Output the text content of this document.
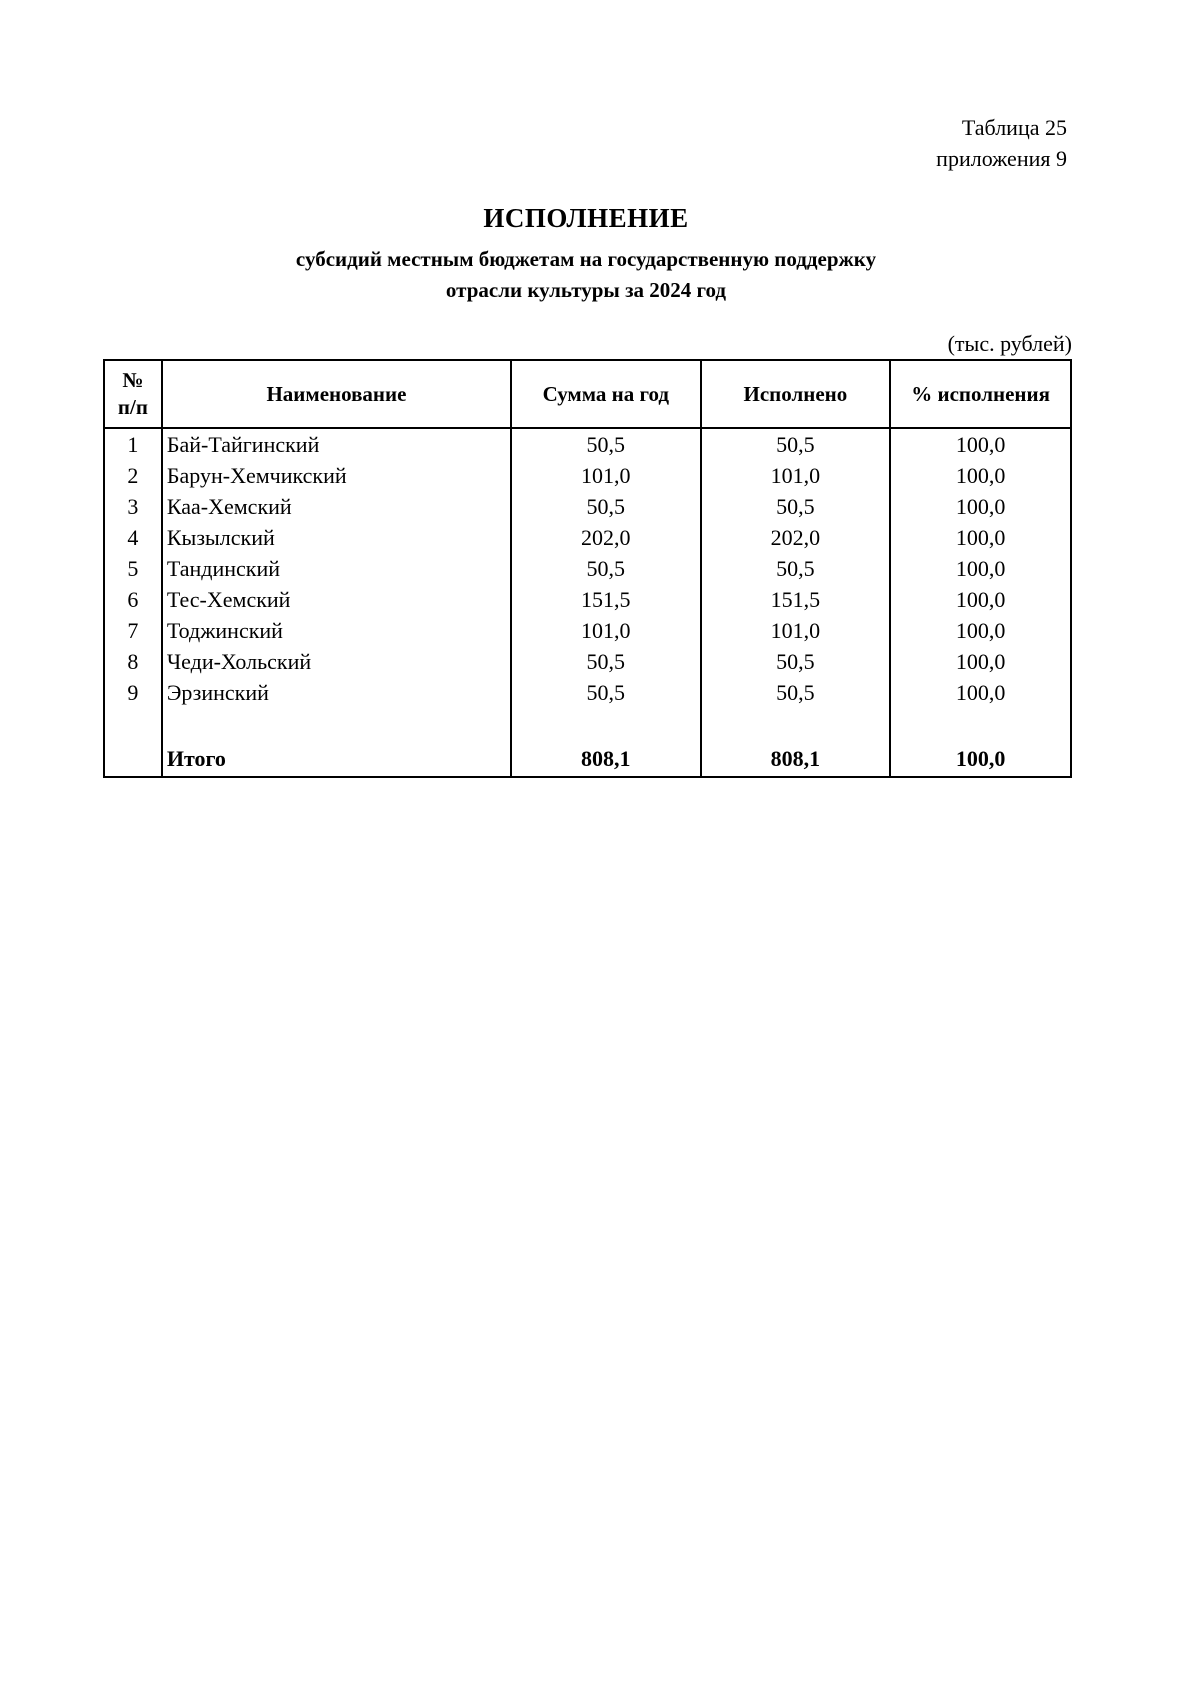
Таблица 25
приложения 9
ИСПОЛНЕНИЕ
субсидий местным бюджетам на государственную поддержку
отрасли культуры за 2024 год
(тыс. рублей)
№
п/п	Наименование	Сумма на год	Исполнено	% исполнения
1	Бай-Тайгинский	50,5	50,5	100,0
2	Барун-Хемчикский	101,0	101,0	100,0
3	Каа-Хемский	50,5	50,5	100,0
4	Кызылский	202,0	202,0	100,0
5	Тандинский	50,5	50,5	100,0
6	Тес-Хемский	151,5	151,5	100,0
7	Тоджинский	101,0	101,0	100,0
8	Чеди-Хольский	50,5	50,5	100,0
9	Эрзинский	50,5	50,5	100,0

	Итого	808,1	808,1	100,0
